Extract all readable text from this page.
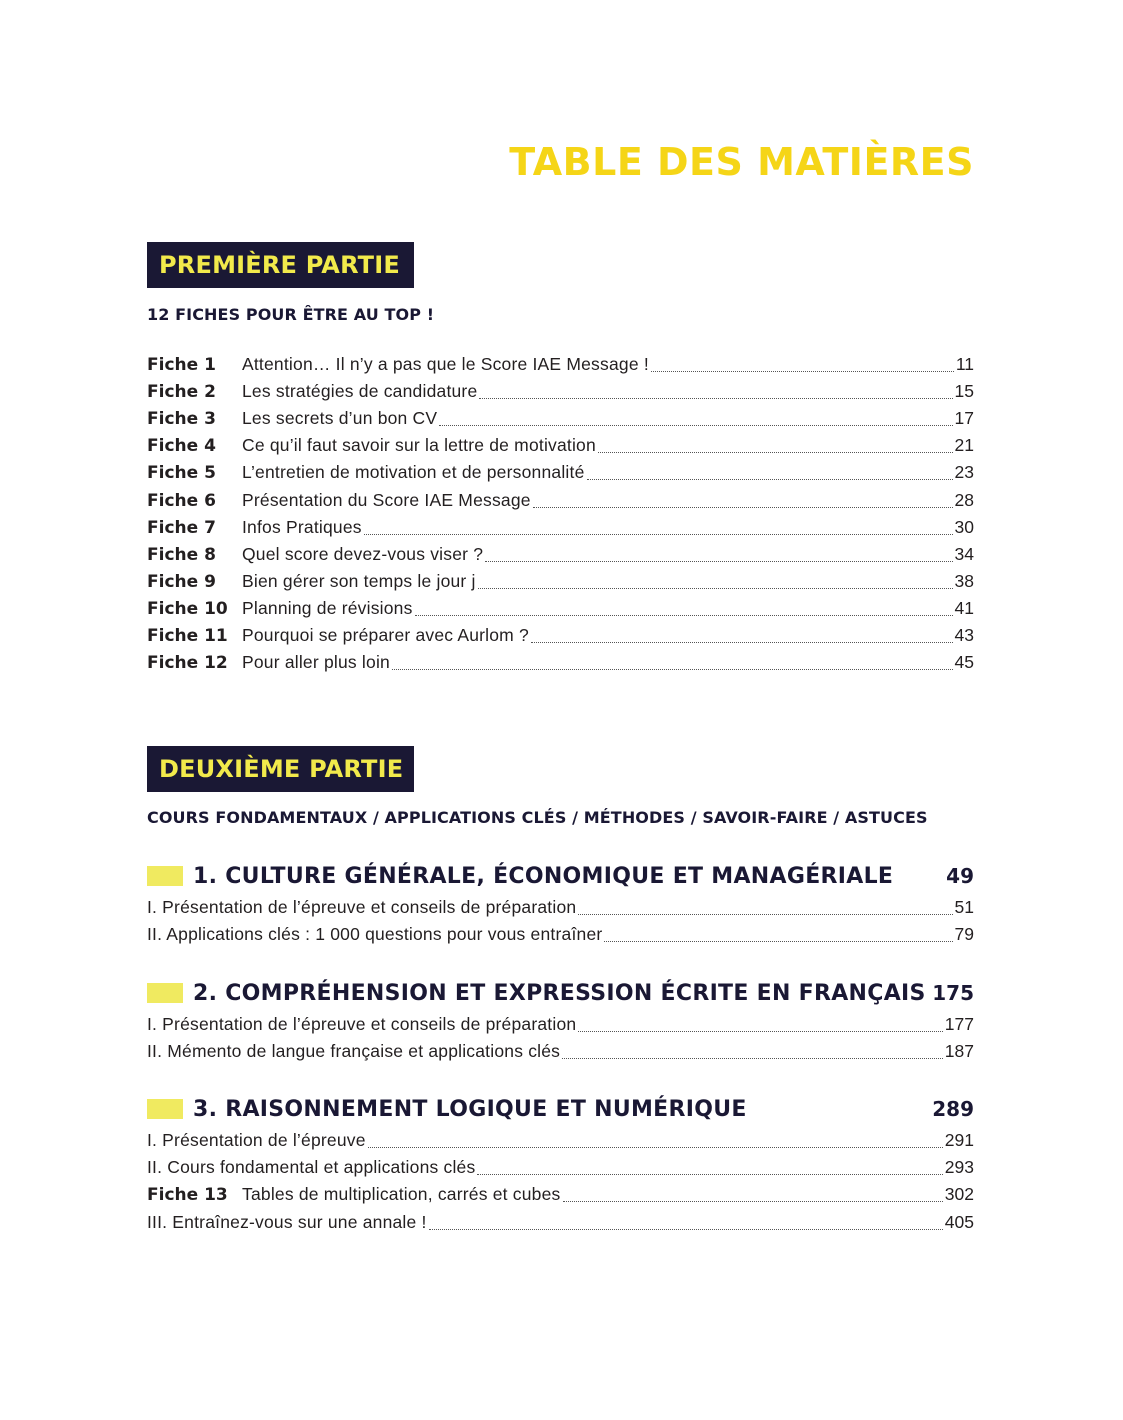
TABLE DES MATIÈRES
PREMIÈRE PARTIE
12 FICHES POUR ÊTRE AU TOP !
Fiche 1	Attention… Il n’y a pas que le Score IAE Message !	11
Fiche 2	Les stratégies de candidature	15
Fiche 3	Les secrets d’un bon CV	17
Fiche 4	Ce qu’il faut savoir sur la lettre de motivation	21
Fiche 5	L’entretien de motivation et de personnalité	23
Fiche 6	Présentation du Score IAE Message	28
Fiche 7	Infos Pratiques	30
Fiche 8	Quel score devez-vous viser ?	34
Fiche 9	Bien gérer son temps le jour j	38
Fiche 10 Planning de révisions	41
Fiche 11 Pourquoi se préparer avec Aurlom ?	43
Fiche 12 Pour aller plus loin	45
DEUXIÈME PARTIE
COURS FONDAMENTAUX / APPLICATIONS CLÉS / MÉTHODES / SAVOIR-FAIRE / ASTUCES
1. CULTURE GÉNÉRALE, ÉCONOMIQUE ET MANAGÉRIALE	49
I. Présentation de l’épreuve et conseils de préparation	51
II. Applications clés : 1 000 questions pour vous entraîner	79
2. COMPRÉHENSION ET EXPRESSION ÉCRITE EN FRANÇAIS 175
I. Présentation de l’épreuve et conseils de préparation	177
II. Mémento de langue française et applications clés	187
3. RAISONNEMENT LOGIQUE ET NUMÉRIQUE	289
I. Présentation de l’épreuve	291
II. Cours fondamental et applications clés	293
Fiche 13 Tables de multiplication, carrés et cubes	302
III. Entraînez-vous sur une annale !	405
